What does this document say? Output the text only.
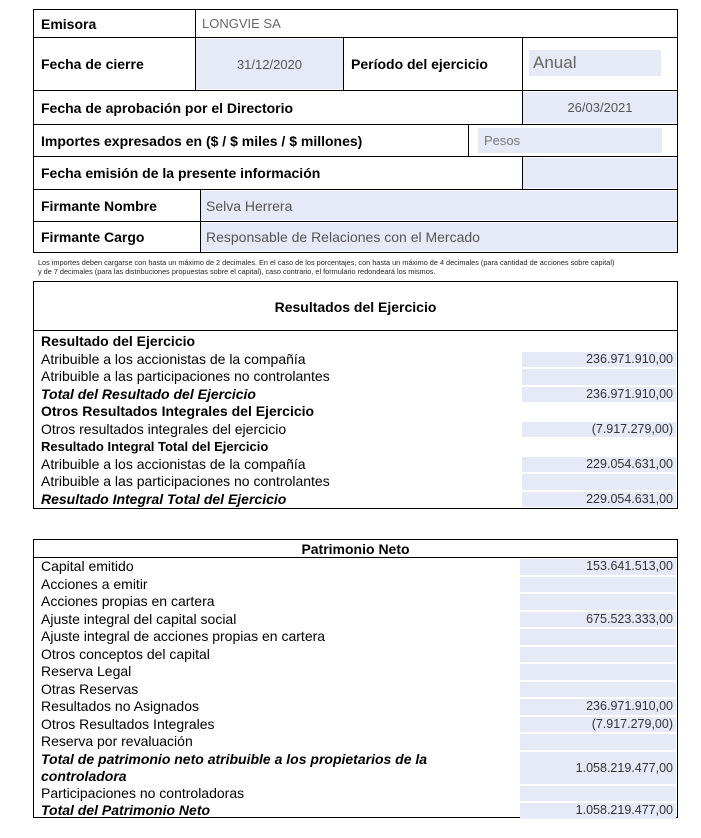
Emisora	LONGVIE SA
Fecha de cierre	31/12/2020	Período del ejercicio	Anual
Fecha de aprobación por el Directorio	26/03/2021
Importes expresados en ($ / $ miles / $ millones)	Pesos
Fecha emisión de la presente información
Firmante Nombre	Selva Herrera
Firmante Cargo	Responsable de Relaciones con el Mercado
Los importes deben cargarse con hasta un máximo de 2 decimales. En el caso de los porcentajes, con hasta un máximo de 4 decimales (para cantidad de acciones sobre capital)
y de 7 decimales (para las distribuciones propuestas sobre el capital), caso contrario, el formulario redondeará los mismos.
Resultados del Ejercicio
Resultado del Ejercicio
Atribuible a los accionistas de la compañía	236.971.910,00
Atribuible a las participaciones no controlantes
Total del Resultado del Ejercicio	236.971.910,00
Otros Resultados Integrales del Ejercicio
Otros resultados integrales del ejercicio	(7.917.279,00)
Resultado Integral Total del Ejercicio
Atribuible a los accionistas de la compañía	229.054.631,00
Atribuible a las participaciones no controlantes
Resultado Integral Total del Ejercicio	229.054.631,00
Patrimonio Neto
Capital emitido	153.641.513,00
Acciones a emitir
Acciones propias en cartera
Ajuste integral del capital social	675.523.333,00
Ajuste integral de acciones propias en cartera
Otros conceptos del capital
Reserva Legal
Otras Reservas
Resultados no Asignados	236.971.910,00
Otros Resultados Integrales	(7.917.279,00)
Reserva por revaluación
Total de patrimonio neto atribuible a los propietarios de la controladora	1.058.219.477,00
Participaciones no controladoras
Total del Patrimonio Neto	1.058.219.477,00
